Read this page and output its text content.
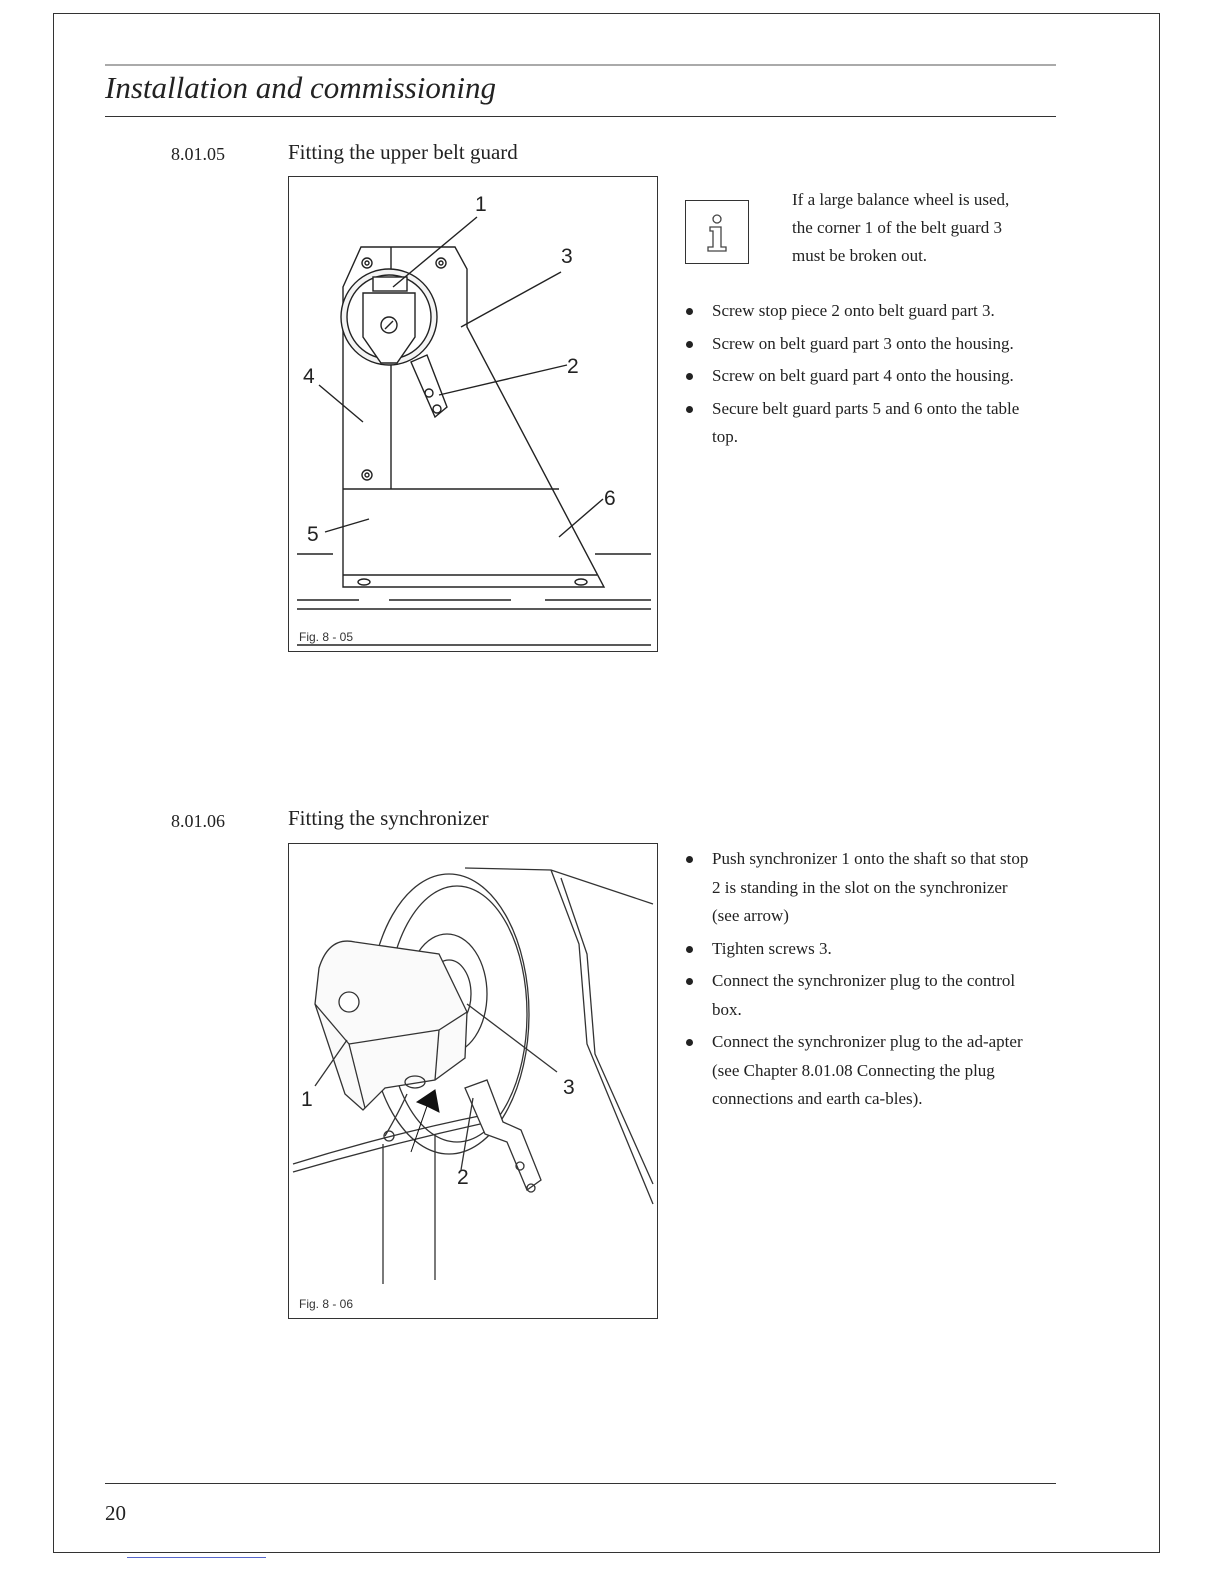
Installation and commissioning
8.01.05	Fitting the upper belt guard
1
2
3
4
5
6
Fig. 8 - 05
If a large balance wheel is used, the corner 1 of the belt guard 3 must be broken out.
Screw stop piece 2 onto belt guard part 3.
Screw on belt guard part 3 onto the housing.
Screw on belt guard part 4 onto the housing.
Secure belt guard parts 5 and 6 onto the table top.
8.01.06	Fitting the synchronizer
1
2
3
Fig. 8 - 06
Push synchronizer 1 onto the shaft so that stop 2 is standing in the slot on the synchronizer (see arrow)
Tighten screws 3.
Connect the synchronizer plug to the control box.
Connect the synchronizer plug to the ad-apter (see Chapter 8.01.08 Connecting the plug connections and earth ca-bles).
20
